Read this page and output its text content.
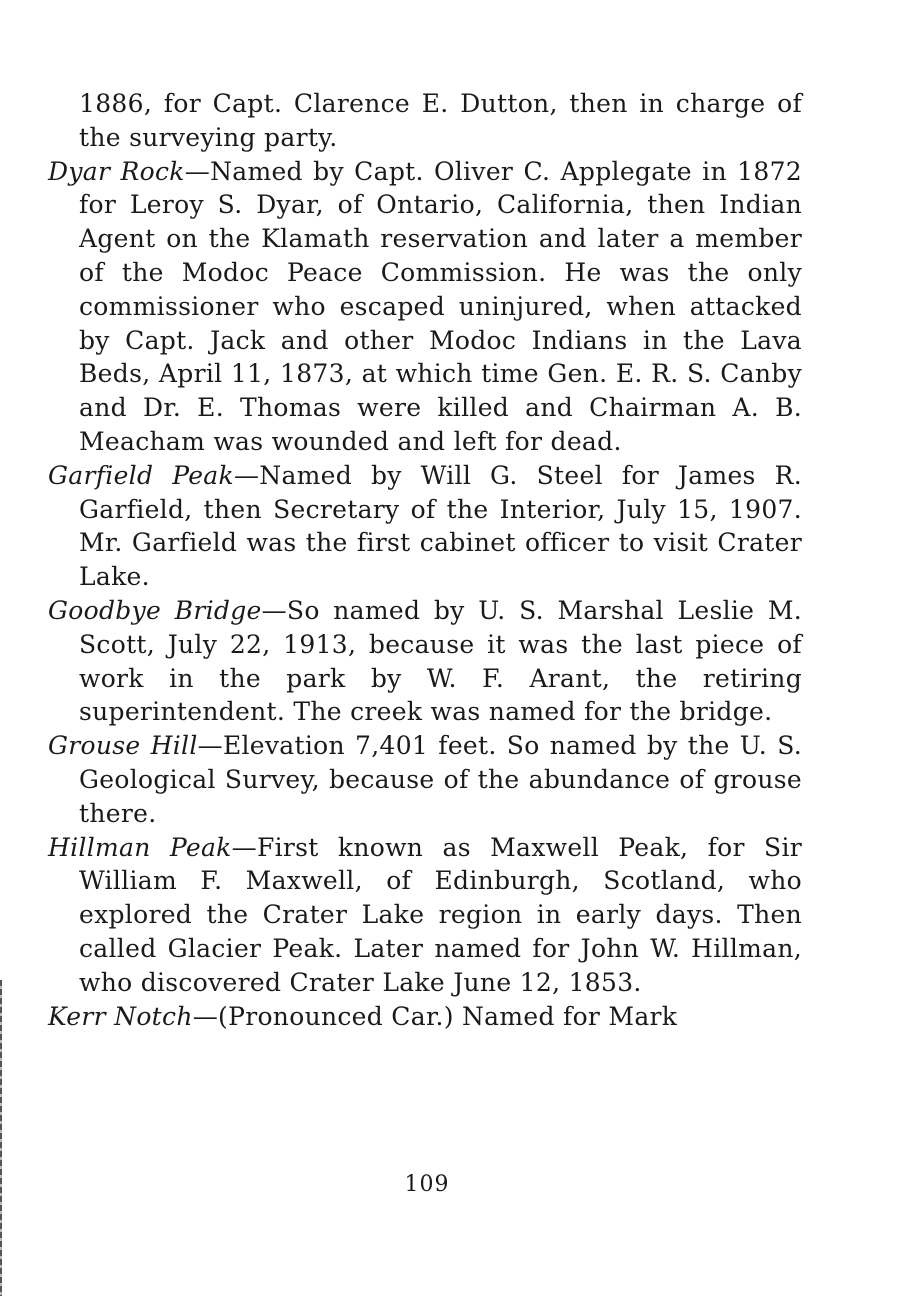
1886, for Capt. Clarence E. Dutton, then in charge of the surveying party.

Dyar Rock—Named by Capt. Oliver C. Applegate in 1872 for Leroy S. Dyar, of Ontario, California, then Indian Agent on the Klamath reservation and later a member of the Modoc Peace Commission. He was the only commissioner who escaped uninjured, when attacked by Capt. Jack and other Modoc Indians in the Lava Beds, April 11, 1873, at which time Gen. E. R. S. Canby and Dr. E. Thomas were killed and Chairman A. B. Meacham was wounded and left for dead.

Garfield Peak—Named by Will G. Steel for James R. Garfield, then Secretary of the Interior, July 15, 1907. Mr. Garfield was the first cabinet officer to visit Crater Lake.

Goodbye Bridge—So named by U. S. Marshal Leslie M. Scott, July 22, 1913, because it was the last piece of work in the park by W. F. Arant, the retiring superintendent. The creek was named for the bridge.

Grouse Hill—Elevation 7,401 feet. So named by the U. S. Geological Survey, because of the abundance of grouse there.

Hillman Peak—First known as Maxwell Peak, for Sir William F. Maxwell, of Edinburgh, Scotland, who explored the Crater Lake region in early days. Then called Glacier Peak. Later named for John W. Hillman, who discovered Crater Lake June 12, 1853.

Kerr Notch—(Pronounced Car.) Named for Mark

109
